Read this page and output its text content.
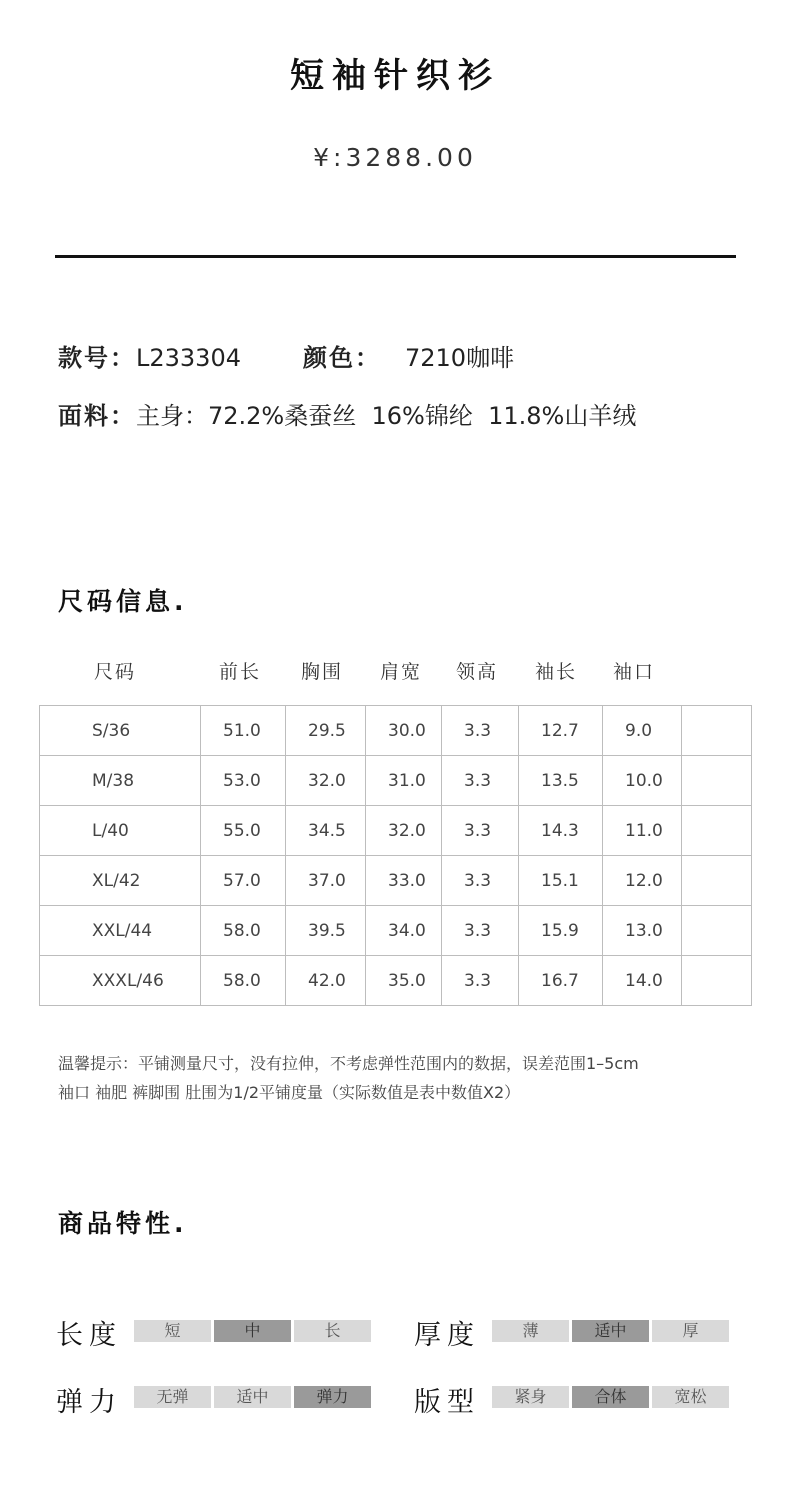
短袖针织衫
¥:3288.00
款号：L233304	颜色： 7210咖啡
面料：主身：72.2%桑蚕丝  16%锦纶  11.8%山羊绒
尺码信息.
尺码	前长 胸围 肩宽 领高 袖长 袖口
S/36	51.0	29.5	30.0	3.3	12.7	9.0	
M/38	53.0	32.0	31.0	3.3	13.5	10.0	
L/40	55.0	34.5	32.0	3.3	14.3	11.0	
XL/42	57.0	37.0	33.0	3.3	15.1	12.0	
XXL/44	58.0	39.5	34.0	3.3	15.9	13.0	
XXXL/46	58.0	42.0	35.0	3.3	16.7	14.0	
温馨提示：平铺测量尺寸，没有拉伸，不考虑弹性范围内的数据，误差范围1–5cm
袖口 袖肥 裤脚围 肚围为1/2平铺度量（实际数值是表中数值X2）
商品特性.
长度	短	中	长	厚度	薄	适中	厚
弹力	无弹	适中	弹力	版型	紧身	合体	宽松
